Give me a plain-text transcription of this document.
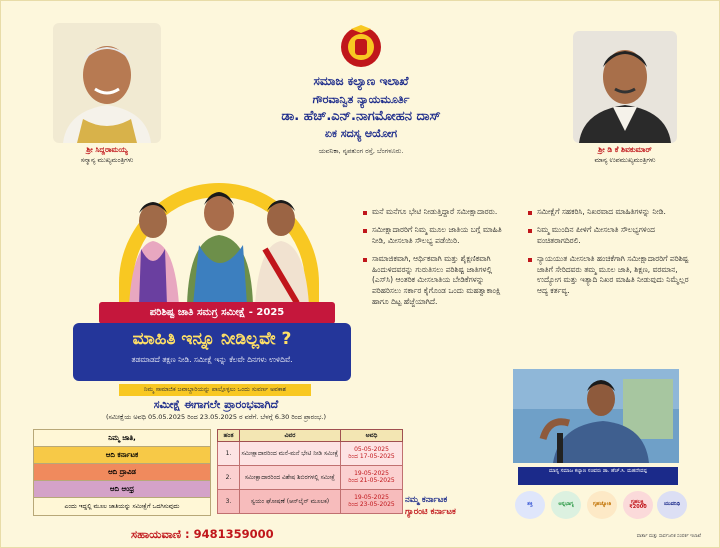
ಸಮಾಜ ಕಲ್ಯಾಣ ಇಲಾಖೆ
ಗೌರವಾನ್ವಿತ ನ್ಯಾಯಮೂರ್ತಿ
ಡಾ. ಹೆಚ್.ಎನ್.ನಾಗಮೋಹನ ದಾಸ್
ಏಕ ಸದಸ್ಯ ಆಯೋಗ
ಯವನಿಕಾ, ನೃಪತುಂಗ ರಸ್ತೆ, ಬೆಂಗಳೂರು.
ಶ್ರೀ ಸಿದ್ದರಾಮಯ್ಯ
ಸನ್ಮಾನ್ಯ ಮುಖ್ಯಮಂತ್ರಿಗಳು
ಶ್ರೀ ಡಿ ಕೆ ಶಿವಕುಮಾರ್
ಮಾನ್ಯ ಉಪಮುಖ್ಯಮಂತ್ರಿಗಳು
ಪರಿಶಿಷ್ಟ ಜಾತಿ ಸಮಗ್ರ ಸಮೀಕ್ಷೆ - 2025
ಮಾಹಿತಿ ಇನ್ನೂ ನೀಡಿಲ್ಲವೇ ?
ತಡಮಾಡದೆ ತಕ್ಷಣ ನೀಡಿ. ಸಮೀಕ್ಷೆ ಇನ್ನು ಕೆಲವೇ ದಿನಗಳು ಉಳಿದಿವೆ.
ನಿಮ್ಮ ಸಾಮಾಜಿಕ ಜವಾಬ್ದಾರಿಯನ್ನು ಪಾಲ್ಗೊಳ್ಳಲು ಒಂದು ಸುವರ್ಣ ಅವಕಾಶ
ಸಮೀಕ್ಷೆ ಈಗಾಗಲೇ ಪ್ರಾರಂಭವಾಗಿದೆ
(ಸಮೀಕ್ಷೆಯ ಅವಧಿ 05.05.2025 ರಿಂದ 23.05.2025 ರ ವರೆಗೆ. ಬೆಳಗ್ಗೆ 6.30 ರಿಂದ ಪ್ರಾರಂಭ.)
ಮನೆ ಮನೆಗೂ ಭೇಟಿ ನೀಡುತ್ತಿದ್ದಾರೆ ಸಮೀಕ್ಷಾದಾರರು.
ಸಮೀಕ್ಷಾದಾರರಿಗೆ ನಿಮ್ಮ ಮೂಲ ಜಾತಿಯ ಬಗ್ಗೆ ಮಾಹಿತಿ ನೀಡಿ, ಮೀಸಲಾತಿ ಸೌಲಭ್ಯ ಪಡೆಯಿರಿ.
ಸಾಮಾಜಿಕವಾಗಿ, ಆರ್ಥಿಕವಾಗಿ ಮತ್ತು ಶೈಕ್ಷಣಿಕವಾಗಿ ಹಿಂದುಳಿದವರನ್ನು ಗುರುತಿಸಲು ಪರಿಶಿಷ್ಟ ಜಾತಿಗಳಲ್ಲಿ (ಎಸ್‌ಸಿ) ಆಂತರಿಕ ಮೀಸಲಾತಿಯ ಬೇಡಿಕೆಗಳನ್ನು ಪರಿಹರಿಸಲು ಸರ್ಕಾರ ಕೈಗೊಂಡ ಒಂದು ಮಹತ್ವಾಕಾಂಕ್ಷಿ ಹಾಗೂ ದಿಟ್ಟ ಹೆಜ್ಜೆಯಾಗಿದೆ.
ಸಮೀಕ್ಷೆಗೆ ಸಹಕರಿಸಿ, ನಿಖರವಾದ ಮಾಹಿತಿಗಳನ್ನು ನೀಡಿ.
ನಿಮ್ಮ ಮುಂದಿನ ಪೀಳಿಗೆ ಮೀಸಲಾತಿ ಸೌಲಭ್ಯಗಳಿಂದ ವಂಚಿತರಾಗದಿರಲಿ.
ನ್ಯಾಯಯುತ ಮೀಸಲಾತಿ ಹಂಚಿಕೆಗಾಗಿ ಸಮೀಕ್ಷಾದಾರರಿಗೆ ಪರಿಶಿಷ್ಟ ಜಾತಿಗೆ ಸೇರಿದವರು ತಮ್ಮ ಮೂಲ ಜಾತಿ, ಶಿಕ್ಷಣ, ವರಮಾನ, ಉದ್ಯೋಗ ಮತ್ತು ಇತ್ಯಾದಿ ನಿಖರ ಮಾಹಿತಿ ನೀಡುವುದು ನಿಮ್ಮೆಲ್ಲರ ಆದ್ಯ ಕರ್ತವ್ಯ.
ನಿಮ್ಮ ಜಾತಿ,
ಆದಿ ಕರ್ನಾಟಕ
ಆದಿ ದ್ರಾವಿಡ
ಆದಿ ಆಂಧ್ರ
ಎಂದು ಇದ್ದಲ್ಲಿ ಮೂಲ ಜಾತಿಯನ್ನು ಸಮೀಕ್ಷೆಗೆ ಒದಗಿಸುವುದು
ಹಂತ	ವಿವರ	ಅವಧಿ
1.	ಸಮೀಕ್ಷಾದಾರರಿಂದ ಮನೆ-ಮನೆ ಭೇಟಿ ನೀಡಿ ಸಮೀಕ್ಷೆ	05-05-2025
ರಿಂದ 17-05-2025
2.	ಸಮೀಕ್ಷಾದಾರರಿಂದ ವಿಶೇಷ ಶಿಬಿರಗಳಲ್ಲಿ ಸಮೀಕ್ಷೆ	19-05-2025
ರಿಂದ 21-05-2025
3.	ಸ್ವಯಂ ಘೋಷಣೆ (ಆನ್‌ಲೈನ್ ಮೂಲಕ)	19-05-2025
ರಿಂದ 23-05-2025
ಸಹಾಯವಾಣಿ : 9481359000
ಮಾನ್ಯ ಸಮಾಜ ಕಲ್ಯಾಣ ಸಚಿವರು ಡಾ. ಹೆಚ್.ಸಿ. ಮಹದೇವಪ್ಪ
ನಮ್ಮ ಕರ್ನಾಟಕ
ಗ್ಯಾರಂಟಿ ಕರ್ನಾಟಕ
ಶಕ್ತಿ	ಅನ್ನಭಾಗ್ಯ	ಗೃಹಜ್ಯೋತಿ	ಗೃಹಲಕ್ಷ್ಮಿ ₹2000	ಯುವನಿಧಿ
ವಾರ್ತಾ ಮತ್ತು ಸಾರ್ವಜನಿಕ ಸಂಪರ್ಕ ಇಲಾಖೆ
